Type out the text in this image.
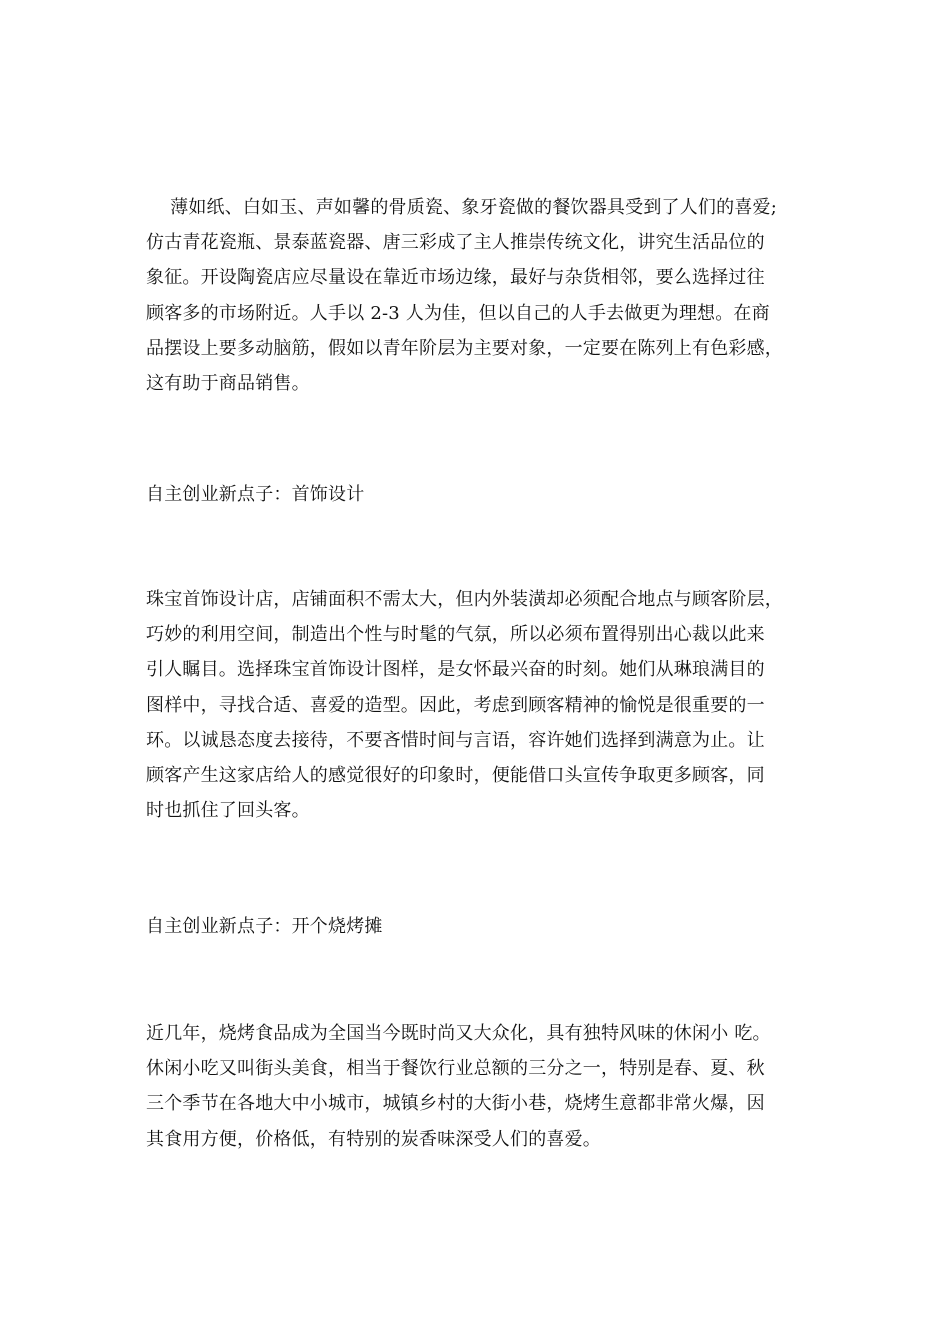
　 薄如纸、白如玉、声如馨的骨质瓷、象牙瓷做的餐饮器具受到了人们的喜爱;
仿古青花瓷瓶、景泰蓝瓷器、唐三彩成了主人推崇传统文化，讲究生活品位的
象征。开设陶瓷店应尽量设在靠近市场边缘，最好与杂货相邻，要么选择过往
顾客多的市场附近。人手以 2-3 人为佳，但以自己的人手去做更为理想。在商
品摆设上要多动脑筋，假如以青年阶层为主要对象，一定要在陈列上有色彩感，
这有助于商品销售。
自主创业新点子：首饰设计
珠宝首饰设计店，店铺面积不需太大，但内外装潢却必须配合地点与顾客阶层，
巧妙的利用空间，制造出个性与时髦的气氛，所以必须布置得别出心裁以此来
引人瞩目。选择珠宝首饰设计图样，是女怀最兴奋的时刻。她们从琳琅满目的
图样中，寻找合适、喜爱的造型。因此，考虑到顾客精神的愉悦是很重要的一
环。以诚恳态度去接待，不要吝惜时间与言语，容许她们选择到满意为止。让
顾客产生这家店给人的感觉很好的印象时，便能借口头宣传争取更多顾客，同
时也抓住了回头客。
自主创业新点子：开个烧烤摊
近几年，烧烤食品成为全国当今既时尚又大众化，具有独特风味的休闲小 吃。
休闲小吃又叫街头美食，相当于餐饮行业总额的三分之一，特别是春、夏、秋
三个季节在各地大中小城市，城镇乡村的大街小巷，烧烤生意都非常火爆，因
其食用方便，价格低，有特别的炭香味深受人们的喜爱。
